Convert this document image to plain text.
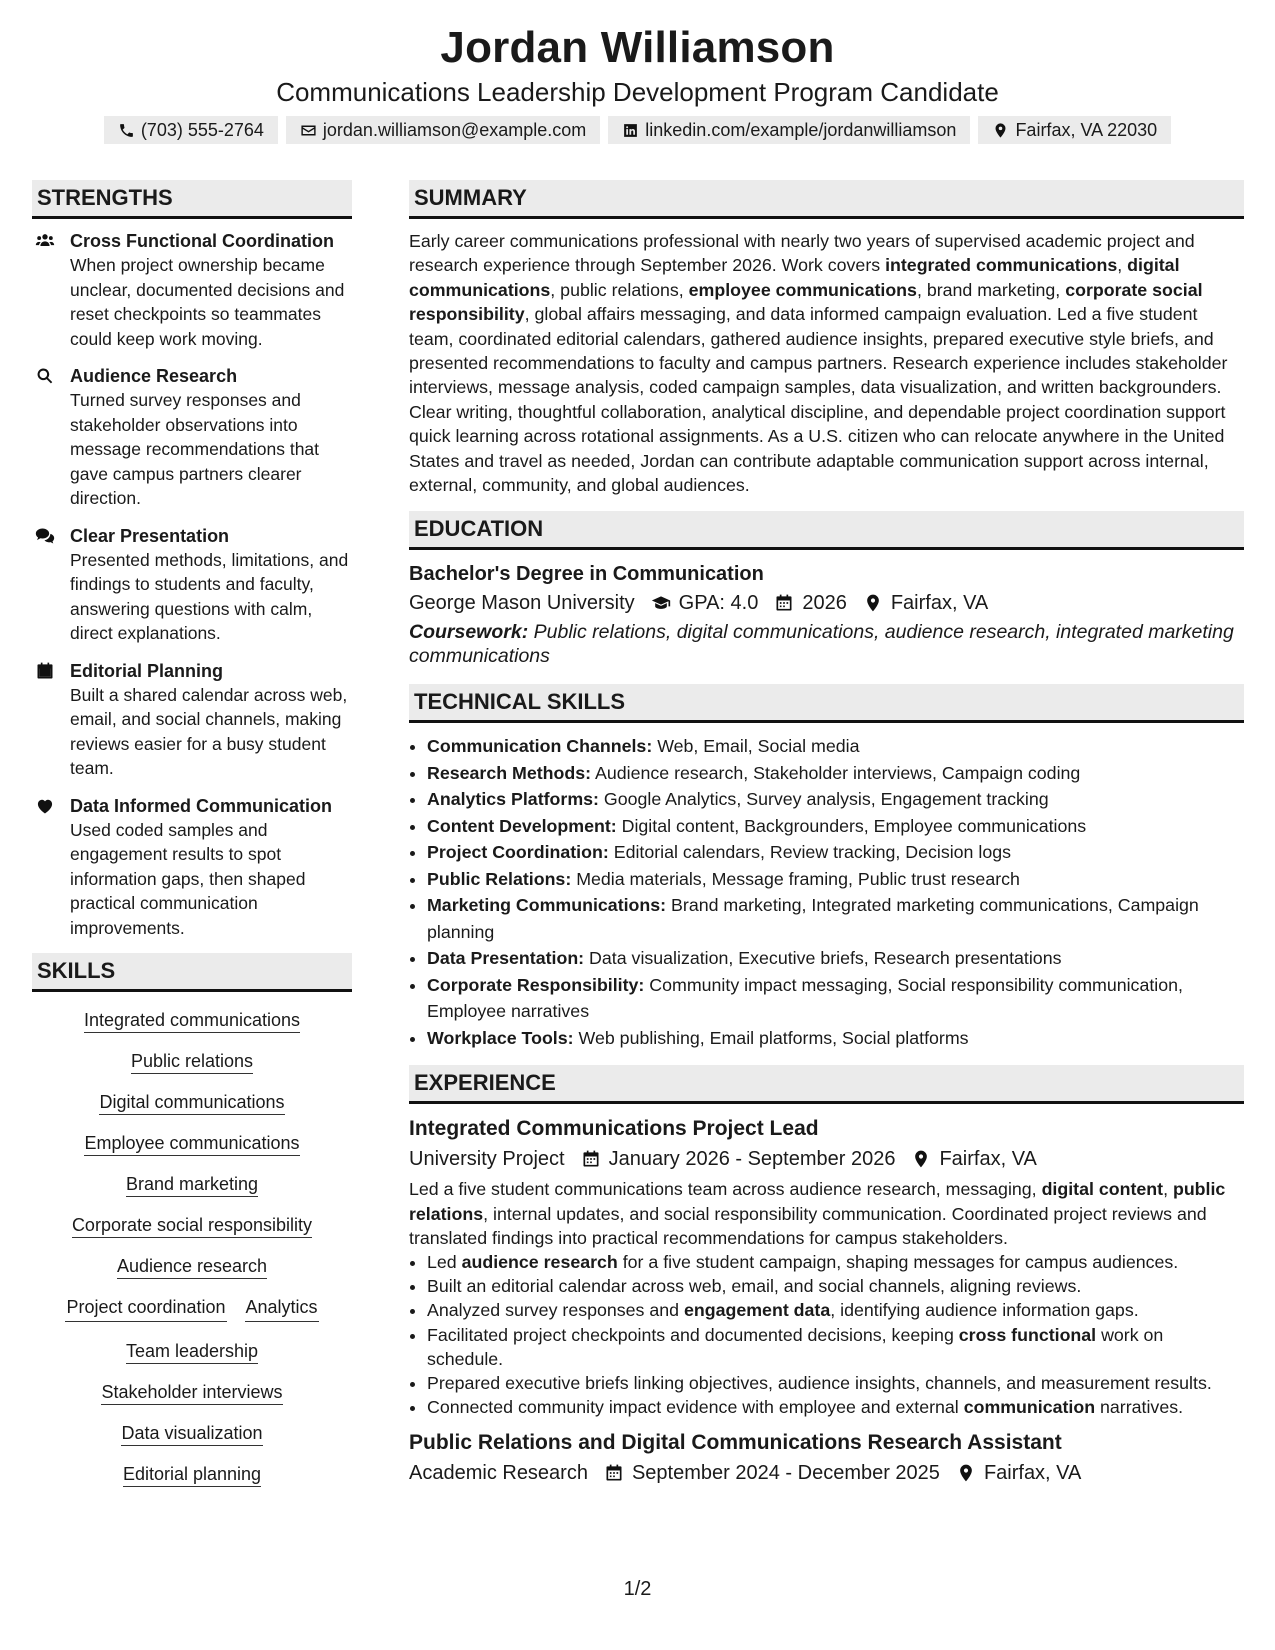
Jordan Williamson
Communications Leadership Development Program Candidate
(703) 555-2764	jordan.williamson@example.com	linkedin.com/example/jordanwilliamson	Fairfax, VA 22030
STRENGTHS
Cross Functional Coordination
When project ownership became unclear, documented decisions and reset checkpoints so teammates could keep work moving.
Audience Research
Turned survey responses and stakeholder observations into message recommendations that gave campus partners clearer direction.
Clear Presentation
Presented methods, limitations, and findings to students and faculty, answering questions with calm, direct explanations.
Editorial Planning
Built a shared calendar across web, email, and social channels, making reviews easier for a busy student team.
Data Informed Communication
Used coded samples and engagement results to spot information gaps, then shaped practical communication improvements.
SKILLS
Integrated communications
Public relations
Digital communications
Employee communications
Brand marketing
Corporate social responsibility
Audience research
Project coordination Analytics
Team leadership
Stakeholder interviews
Data visualization
Editorial planning
SUMMARY
Early career communications professional with nearly two years of supervised academic project and research experience through September 2026. Work covers integrated communications, digital communications, public relations, employee communications, brand marketing, corporate social responsibility, global affairs messaging, and data informed campaign evaluation. Led a five student team, coordinated editorial calendars, gathered audience insights, prepared executive style briefs, and presented recommendations to faculty and campus partners. Research experience includes stakeholder interviews, message analysis, coded campaign samples, data visualization, and written backgrounders. Clear writing, thoughtful collaboration, analytical discipline, and dependable project coordination support quick learning across rotational assignments. As a U.S. citizen who can relocate anywhere in the United States and travel as needed, Jordan can contribute adaptable communication support across internal, external, community, and global audiences.
EDUCATION
Bachelor's Degree in Communication
George Mason University GPA: 4.0 2026 Fairfax, VA
Coursework: Public relations, digital communications, audience research, integrated marketing communications
TECHNICAL SKILLS
• Communication Channels: Web, Email, Social media
• Research Methods: Audience research, Stakeholder interviews, Campaign coding
• Analytics Platforms: Google Analytics, Survey analysis, Engagement tracking
• Content Development: Digital content, Backgrounders, Employee communications
• Project Coordination: Editorial calendars, Review tracking, Decision logs
• Public Relations: Media materials, Message framing, Public trust research
• Marketing Communications: Brand marketing, Integrated marketing communications, Campaign planning
• Data Presentation: Data visualization, Executive briefs, Research presentations
• Corporate Responsibility: Community impact messaging, Social responsibility communication, Employee narratives
• Workplace Tools: Web publishing, Email platforms, Social platforms
EXPERIENCE
Integrated Communications Project Lead
University Project January 2026 - September 2026 Fairfax, VA
Led a five student communications team across audience research, messaging, digital content, public relations, internal updates, and social responsibility communication. Coordinated project reviews and translated findings into practical recommendations for campus stakeholders.
• Led audience research for a five student campaign, shaping messages for campus audiences.
• Built an editorial calendar across web, email, and social channels, aligning reviews.
• Analyzed survey responses and engagement data, identifying audience information gaps.
• Facilitated project checkpoints and documented decisions, keeping cross functional work on schedule.
• Prepared executive briefs linking objectives, audience insights, channels, and measurement results.
• Connected community impact evidence with employee and external communication narratives.
Public Relations and Digital Communications Research Assistant
Academic Research September 2024 - December 2025 Fairfax, VA
1/2
